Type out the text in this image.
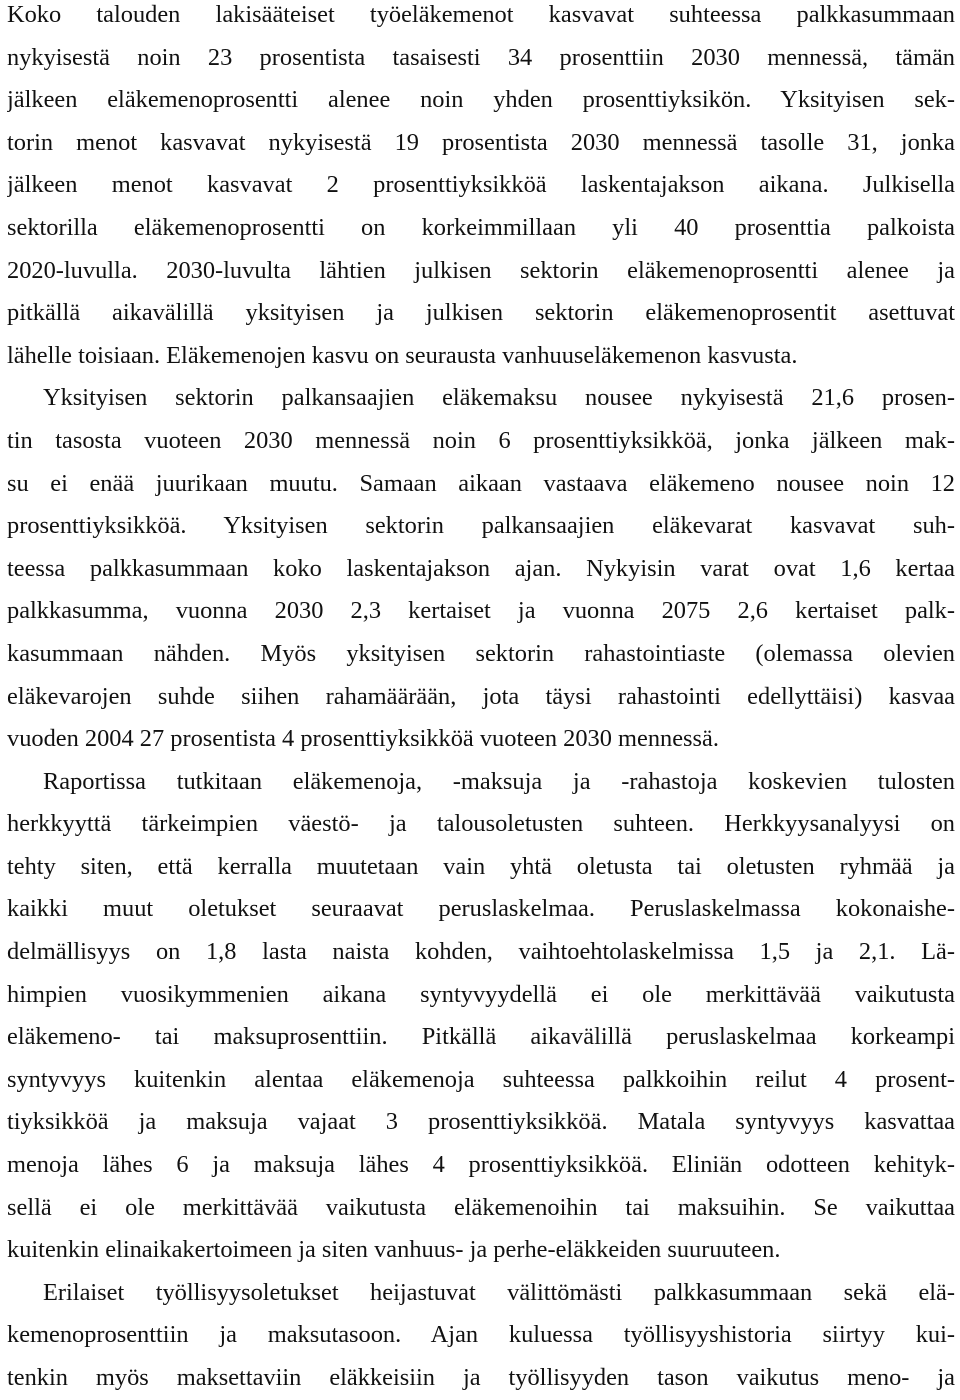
Koko talouden lakisääteiset työeläkemenot kasvavat suhteessa palkkasummaan
nykyisestä noin 23 prosentista tasaisesti 34 prosenttiin 2030 mennessä, tämän
jälkeen eläkemenoprosentti alenee noin yhden prosenttiyksikön. Yksityisen sek-
torin menot kasvavat nykyisestä 19 prosentista 2030 mennessä tasolle 31, jonka
jälkeen menot kasvavat 2 prosenttiyksikköä laskentajakson aikana. Julkisella
sektorilla eläkemenoprosentti on korkeimmillaan yli 40 prosenttia palkoista
2020-luvulla. 2030-luvulta lähtien julkisen sektorin eläkemenoprosentti alenee ja
pitkällä aikavälillä yksityisen ja julkisen sektorin eläkemenoprosentit asettuvat
lähelle toisiaan. Eläkemenojen kasvu on seurausta vanhuuseläkemenon kasvusta.
Yksityisen sektorin palkansaajien eläkemaksu nousee nykyisestä 21,6 prosen-
tin tasosta vuoteen 2030 mennessä noin 6 prosenttiyksikköä, jonka jälkeen mak-
su ei enää juurikaan muutu. Samaan aikaan vastaava eläkemeno nousee noin 12
prosenttiyksikköä. Yksityisen sektorin palkansaajien eläkevarat kasvavat suh-
teessa palkkasummaan koko laskentajakson ajan. Nykyisin varat ovat 1,6 kertaa
palkkasumma, vuonna 2030 2,3 kertaiset ja vuonna 2075 2,6 kertaiset palk-
kasummaan nähden. Myös yksityisen sektorin rahastointiaste (olemassa olevien
eläkevarojen suhde siihen rahamäärään, jota täysi rahastointi edellyttäisi) kasvaa
vuoden 2004 27 prosentista 4 prosenttiyksikköä vuoteen 2030 mennessä.
Raportissa tutkitaan eläkemenoja, -maksuja ja -rahastoja koskevien tulosten
herkkyyttä tärkeimpien väestö- ja talousoletusten suhteen. Herkkyysanalyysi on
tehty siten, että kerralla muutetaan vain yhtä oletusta tai oletusten ryhmää ja
kaikki muut oletukset seuraavat peruslaskelmaa. Peruslaskelmassa kokonaishe-
delmällisyys on 1,8 lasta naista kohden, vaihtoehtolaskelmissa 1,5 ja 2,1. Lä-
himpien vuosikymmenien aikana syntyvyydellä ei ole merkittävää vaikutusta
eläkemeno- tai maksuprosenttiin. Pitkällä aikavälillä peruslaskelmaa korkeampi
syntyvyys kuitenkin alentaa eläkemenoja suhteessa palkkoihin reilut 4 prosent-
tiyksikköä ja maksuja vajaat 3 prosenttiyksikköä. Matala syntyvyys kasvattaa
menoja lähes 6 ja maksuja lähes 4 prosenttiyksikköä. Eliniän odotteen kehityk-
sellä ei ole merkittävää vaikutusta eläkemenoihin tai maksuihin. Se vaikuttaa
kuitenkin elinaikakertoimeen ja siten vanhuus- ja perhe-eläkkeiden suuruuteen.
Erilaiset työllisyysoletukset heijastuvat välittömästi palkkasummaan sekä elä-
kemenoprosenttiin ja maksutasoon. Ajan kuluessa työllisyyshistoria siirtyy kui-
tenkin myös maksettaviin eläkkeisiin ja työllisyyden tason vaikutus meno- ja
